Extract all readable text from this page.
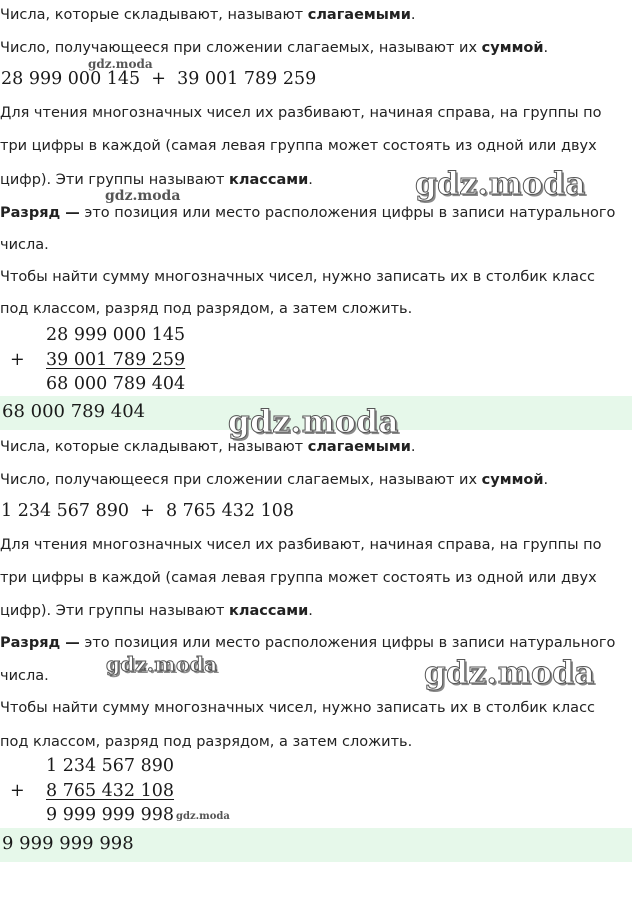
Числа, которые складывают, называют слагаемыми.
Число, получающееся при сложении слагаемых, называют их суммой.
28 999 000 145  +  39 001 789 259
Для чтения многозначных чисел их разбивают, начиная справа, на группы по
три цифры в каждой (самая левая группа может состоять из одной или двух
цифр). Эти группы называют классами.
Разряд — это позиция или место расположения цифры в записи натурального
числа.
Чтобы найти сумму многозначных чисел, нужно записать их в столбик класс
под классом, разряд под разрядом, а затем сложить.
28 999 000 145
+ 39 001 789 259
68 000 789 404
68 000 789 404
Числа, которые складывают, называют слагаемыми.
Число, получающееся при сложении слагаемых, называют их суммой.
1 234 567 890  +  8 765 432 108
Для чтения многозначных чисел их разбивают, начиная справа, на группы по
три цифры в каждой (самая левая группа может состоять из одной или двух
цифр). Эти группы называют классами.
Разряд — это позиция или место расположения цифры в записи натурального
числа.
Чтобы найти сумму многозначных чисел, нужно записать их в столбик класс
под классом, разряд под разрядом, а затем сложить.
1 234 567 890
+ 8 765 432 108
9 999 999 998
9 999 999 998
gdz.moda
gdz.moda	gdz.moda
gdz.moda
gdz.moda	gdz.moda
gdz.moda
